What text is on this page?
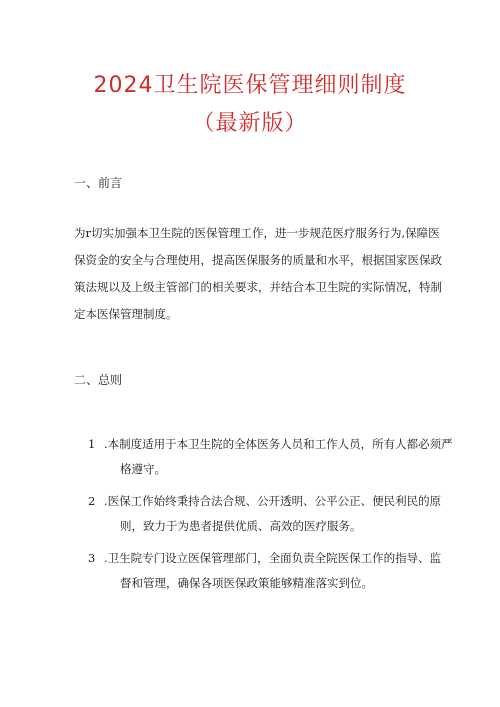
2024卫生院医保管理细则制度
（最新版）
一、前言
为r切实加强本卫生院的医保管理工作，进一步规范医疗服务行为,保障医
保资金的安全与合理使用，提高医保服务的质量和水平，根据国家医保政
策法规以及上级主管部门的相关要求，并结合本卫生院的实际情况，特制
定本医保管理制度。
二、总则
1 .本制度适用于本卫生院的全体医务人员和工作人员，所有人都必须严
格遵守。
2 .医保工作始终秉持合法合规、公开透明、公平公正、便民利民的原
则，致力于为患者提供优质、高效的医疗服务。
3 .卫生院专门设立医保管理部门，全面负责全院医保工作的指导、监
督和管理，确保各项医保政策能够精准落实到位。
